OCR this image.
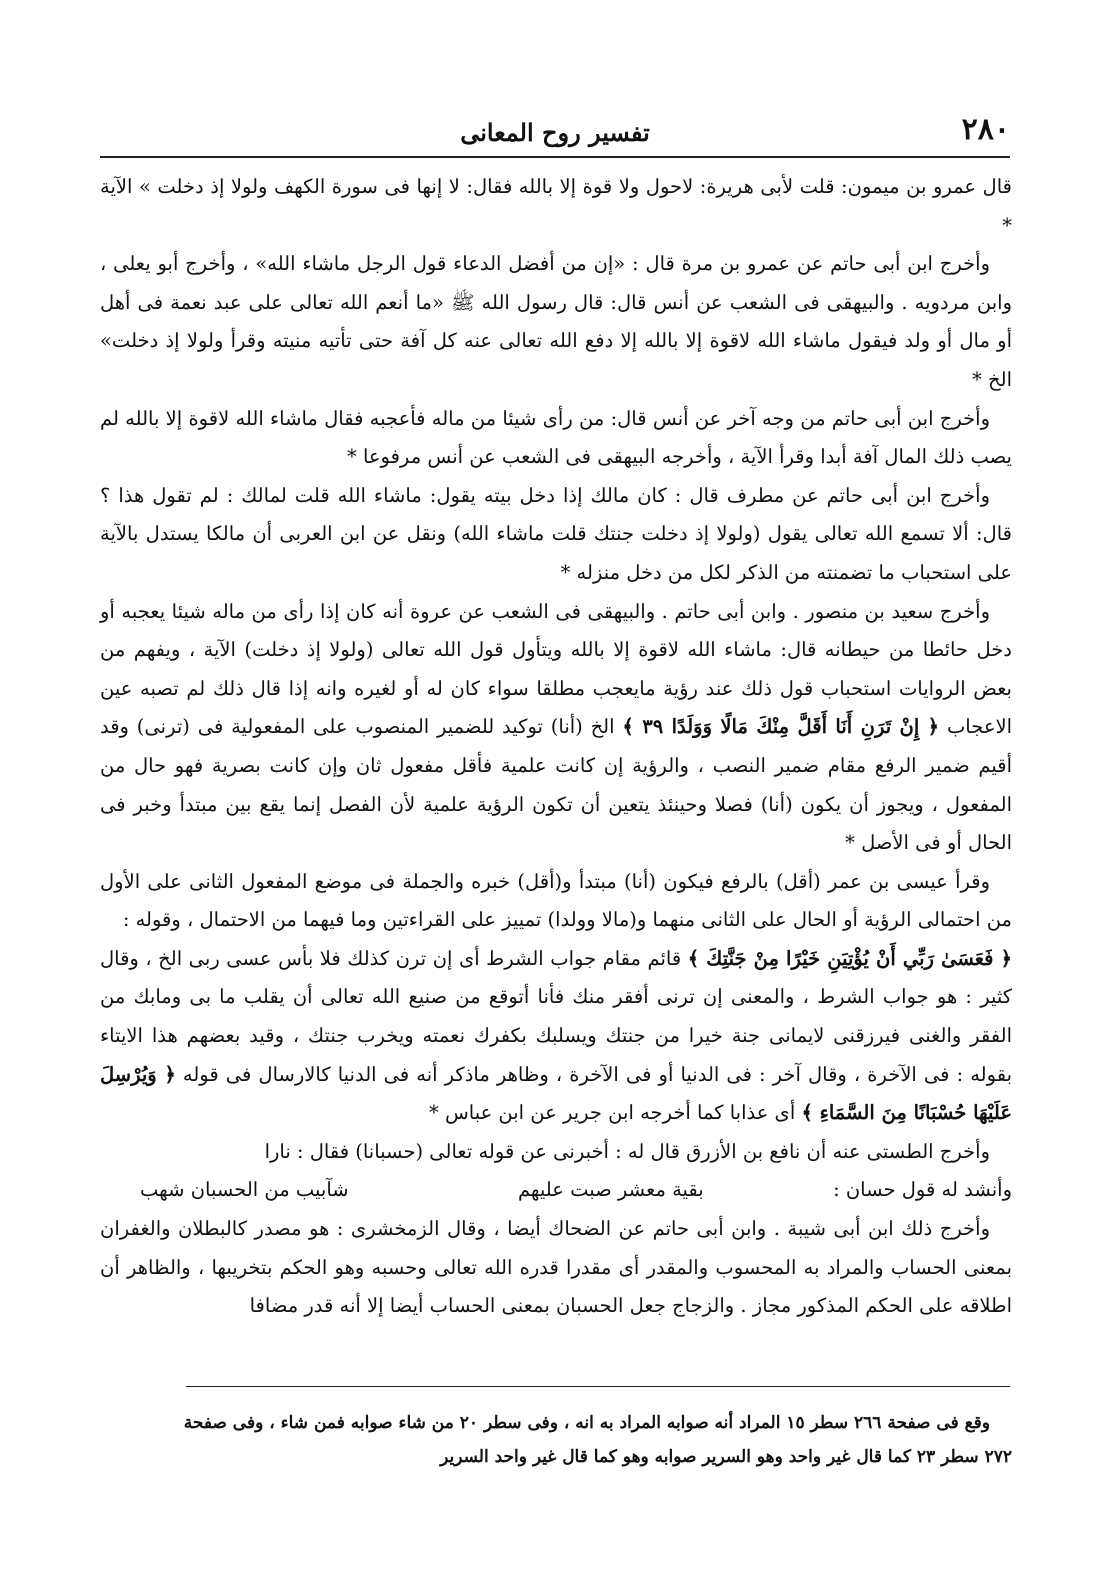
٢٨٠
تفسير روح المعانى

قال عمرو بن ميمون: قلت لأبى هريرة: لاحول ولا قوة إلا بالله فقال: لا إنها فى سورة الكهف ولولا إذ دخلت » الآية *

وأخرج ابن أبى حاتم عن عمرو بن مرة قال : «إن من أفضل الدعاء قول الرجل ماشاء الله» ، وأخرج أبو يعلى ، وابن مردويه . والبيهقى فى الشعب عن أنس قال: قال رسول الله ﷺ «ما أنعم الله تعالى على عبد نعمة فى أهل أو مال أو ولد فيقول ماشاء الله لاقوة إلا بالله إلا دفع الله تعالى عنه كل آفة حتى تأتيه منيته وقرأ ولولا إذ دخلت» الخ *

وأخرج ابن أبى حاتم من وجه آخر عن أنس قال: من رأى شيئا من ماله فأعجبه فقال ماشاء الله لاقوة إلا بالله لم يصب ذلك المال آفة أبدا وقرأ الآية ، وأخرجه البيهقى فى الشعب عن أنس مرفوعا *

وأخرج ابن أبى حاتم عن مطرف قال : كان مالك إذا دخل بيته يقول: ماشاء الله قلت لمالك : لم تقول هذا ؟ قال: ألا تسمع الله تعالى يقول (ولولا إذ دخلت جنتك قلت ماشاء الله) ونقل عن ابن العربى أن مالكا يستدل بالآية على استحباب ما تضمنته من الذكر لكل من دخل منزله *

وأخرج سعيد بن منصور . وابن أبى حاتم . والبيهقى فى الشعب عن عروة أنه كان إذا رأى من ماله شيئا يعجبه أو دخل حائطا من حيطانه قال: ماشاء الله لاقوة إلا بالله ويتأول قول الله تعالى (ولولا إذ دخلت) الآية ، ويفهم من بعض الروايات استحباب قول ذلك عند رؤية مايعجب مطلقا سواء كان له أو لغيره وانه إذا قال ذلك لم تصبه عين الاعجاب ﴿ إِنْ تَرَنِ أَنَا أَقَلَّ مِنْكَ مَالًا وَوَلَدًا ٣٩ ﴾ الخ (أنا) توكيد للضمير المنصوب على المفعولية فى (ترنى) وقد أقيم ضمير الرفع مقام ضمير النصب ، والرؤية إن كانت علمية فأقل مفعول ثان وإن كانت بصرية فهو حال من المفعول ، ويجوز أن يكون (أنا) فصلا وحينئذ يتعين أن تكون الرؤية علمية لأن الفصل إنما يقع بين مبتدأ وخبر فى الحال أو فى الأصل *

وقرأ عيسى بن عمر (أقل) بالرفع فيكون (أنا) مبتدأ و(أقل) خبره والجملة فى موضع المفعول الثانى على الأول من احتمالى الرؤية أو الحال على الثانى منهما و(مالا وولدا) تمييز على القراءتين وما فيهما من الاحتمال ، وقوله :

﴿ فَعَسَىٰ رَبِّي أَنْ يُؤْتِيَنِ خَيْرًا مِنْ جَنَّتِكَ ﴾ قائم مقام جواب الشرط أى إن ترن كذلك فلا بأس عسى ربى الخ ، وقال كثير : هو جواب الشرط ، والمعنى إن ترنى أفقر منك فأنا أتوقع من صنيع الله تعالى أن يقلب ما بى ومابك من الفقر والغنى فيرزقنى لايمانى جنة خيرا من جنتك ويسلبك بكفرك نعمته ويخرب جنتك ، وقيد بعضهم هذا الايتاء بقوله : فى الآخرة ، وقال آخر : فى الدنيا أو فى الآخرة ، وظاهر ماذكر أنه فى الدنيا كالارسال فى قوله ﴿ وَيُرْسِلَ عَلَيْهَا حُسْبَانًا مِنَ السَّمَاءِ ﴾ أى عذابا كما أخرجه ابن جرير عن ابن عباس *

وأخرج الطستى عنه أن نافع بن الأزرق قال له : أخبرنى عن قوله تعالى (حسبانا) فقال : نارا

وأنشد له قول حسان :
بقية معشر صبت عليهم
شآبيب من الحسبان شهب

وأخرج ذلك ابن أبى شيبة . وابن أبى حاتم عن الضحاك أيضا ، وقال الزمخشرى : هو مصدر كالبطلان والغفران بمعنى الحساب والمراد به المحسوب والمقدر أى مقدرا قدره الله تعالى وحسبه وهو الحكم بتخريبها ، والظاهر أن اطلاقه على الحكم المذكور مجاز . والزجاج جعل الحسبان بمعنى الحساب أيضا إلا أنه قدر مضافا

وقع فى صفحة ٢٦٦ سطر ١٥ المراد أنه صوابه المراد به انه ، وفى سطر ٢٠ من شاء صوابه فمن شاء ، وفى صفحة

٢٧٢ سطر ٢٣ كما قال غير واحد وهو السرير صوابه وهو كما قال غير واحد السرير
